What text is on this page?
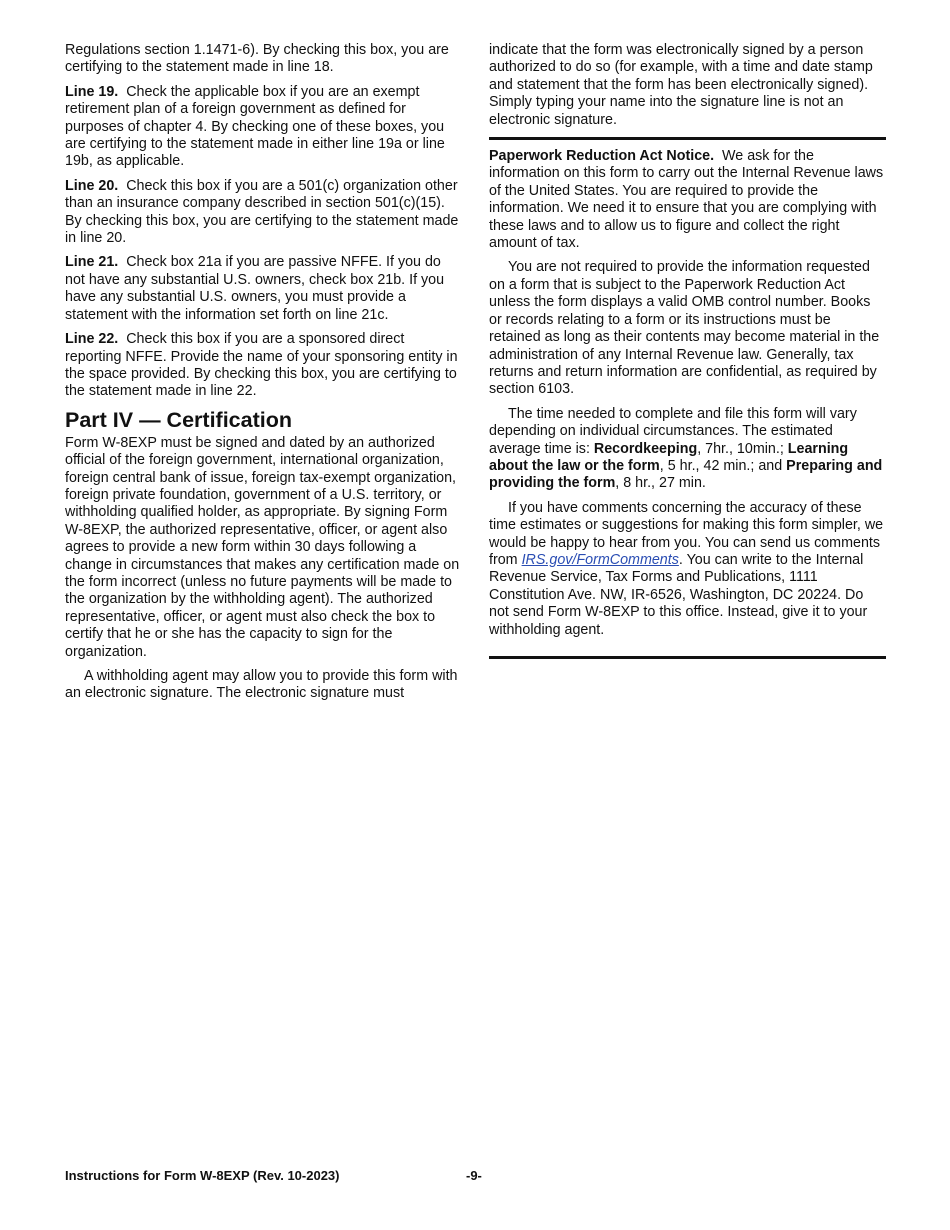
Regulations section 1.1471-6). By checking this box, you are certifying to the statement made in line 18.

Line 19. Check the applicable box if you are an exempt retirement plan of a foreign government as defined for purposes of chapter 4. By checking one of these boxes, you are certifying to the statement made in either line 19a or line 19b, as applicable.

Line 20. Check this box if you are a 501(c) organization other than an insurance company described in section 501(c)(15). By checking this box, you are certifying to the statement made in line 20.

Line 21. Check box 21a if you are passive NFFE. If you do not have any substantial U.S. owners, check box 21b. If you have any substantial U.S. owners, you must provide a statement with the information set forth on line 21c.

Line 22. Check this box if you are a sponsored direct reporting NFFE. Provide the name of your sponsoring entity in the space provided. By checking this box, you are certifying to the statement made in line 22.

Part IV — Certification

Form W-8EXP must be signed and dated by an authorized official of the foreign government, international organization, foreign central bank of issue, foreign tax-exempt organization, foreign private foundation, government of a U.S. territory, or withholding qualified holder, as appropriate. By signing Form W-8EXP, the authorized representative, officer, or agent also agrees to provide a new form within 30 days following a change in circumstances that makes any certification made on the form incorrect (unless no future payments will be made to the organization by the withholding agent). The authorized representative, officer, or agent must also check the box to certify that he or she has the capacity to sign for the organization.

A withholding agent may allow you to provide this form with an electronic signature. The electronic signature must

indicate that the form was electronically signed by a person authorized to do so (for example, with a time and date stamp and statement that the form has been electronically signed). Simply typing your name into the signature line is not an electronic signature.

Paperwork Reduction Act Notice. We ask for the information on this form to carry out the Internal Revenue laws of the United States. You are required to provide the information. We need it to ensure that you are complying with these laws and to allow us to figure and collect the right amount of tax.

You are not required to provide the information requested on a form that is subject to the Paperwork Reduction Act unless the form displays a valid OMB control number. Books or records relating to a form or its instructions must be retained as long as their contents may become material in the administration of any Internal Revenue law. Generally, tax returns and return information are confidential, as required by section 6103.

The time needed to complete and file this form will vary depending on individual circumstances. The estimated average time is: Recordkeeping, 7hr., 10min.; Learning about the law or the form, 5 hr., 42 min.; and Preparing and providing the form, 8 hr., 27 min.

If you have comments concerning the accuracy of these time estimates or suggestions for making this form simpler, we would be happy to hear from you. You can send us comments from IRS.gov/FormComments. You can write to the Internal Revenue Service, Tax Forms and Publications, 1111 Constitution Ave. NW, IR-6526, Washington, DC 20224. Do not send Form W-8EXP to this office. Instead, give it to your withholding agent.

Instructions for Form W-8EXP (Rev. 10-2023)	-9-
